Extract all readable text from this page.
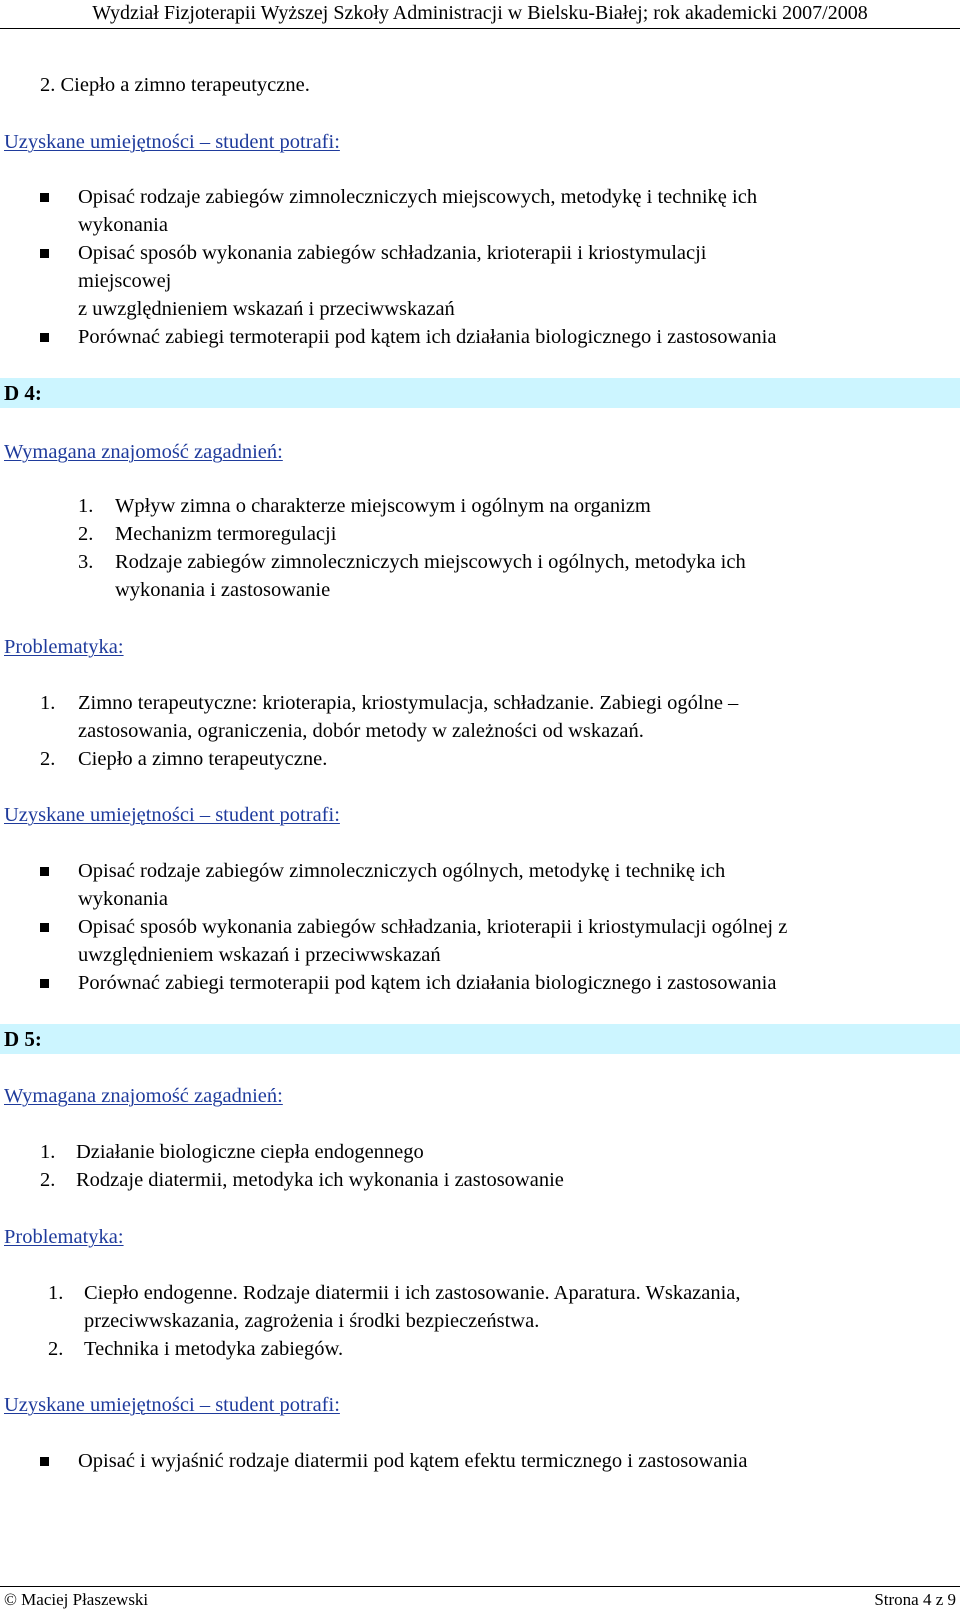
Wydział Fizjoterapii Wyższej Szkoły Administracji w Bielsku-Białej; rok akademicki 2007/2008
2. Ciepło a zimno terapeutyczne.
Uzyskane umiejętności – student potrafi:
Opisać rodzaje zabiegów zimnoleczniczych miejscowych, metodykę i technikę ich
wykonania
Opisać sposób wykonania zabiegów schładzania, krioterapii i kriostymulacji
miejscowej
z uwzględnieniem wskazań i przeciwwskazań
Porównać zabiegi termoterapii pod kątem ich działania biologicznego i zastosowania
D 4:
Wymagana znajomość zagadnień:
1. Wpływ zimna o charakterze miejscowym i ogólnym na organizm
2. Mechanizm termoregulacji
3. Rodzaje zabiegów zimnoleczniczych miejscowych i ogólnych, metodyka ich
wykonania i zastosowanie
Problematyka:
1. Zimno terapeutyczne: krioterapia, kriostymulacja, schładzanie. Zabiegi ogólne –
zastosowania, ograniczenia, dobór metody w zależności od wskazań.
2. Ciepło a zimno terapeutyczne.
Uzyskane umiejętności – student potrafi:
Opisać rodzaje zabiegów zimnoleczniczych ogólnych, metodykę i technikę ich
wykonania
Opisać sposób wykonania zabiegów schładzania, krioterapii i kriostymulacji ogólnej z
uwzględnieniem wskazań i przeciwwskazań
Porównać zabiegi termoterapii pod kątem ich działania biologicznego i zastosowania
D 5:
Wymagana znajomość zagadnień:
1. Działanie biologiczne ciepła endogennego
2. Rodzaje diatermii, metodyka ich wykonania i zastosowanie
Problematyka:
1. Ciepło endogenne. Rodzaje diatermii i ich zastosowanie. Aparatura. Wskazania,
przeciwwskazania, zagrożenia i środki bezpieczeństwa.
2. Technika i metodyka zabiegów.
Uzyskane umiejętności – student potrafi:
Opisać i wyjaśnić rodzaje diatermii pod kątem efektu termicznego i zastosowania
© Maciej Płaszewski	Strona 4 z 9
